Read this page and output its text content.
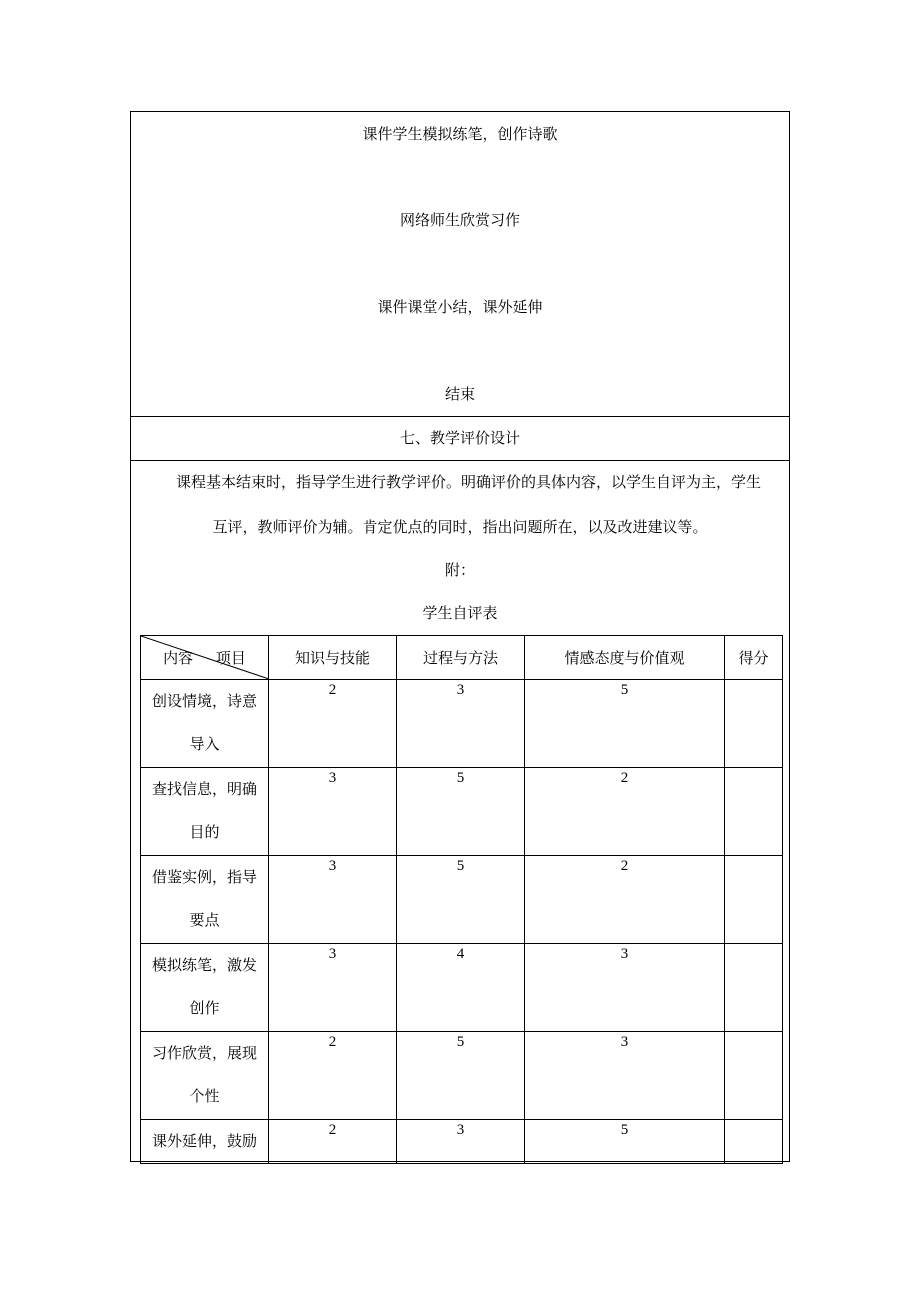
课件学生模拟练笔，创作诗歌
网络师生欣赏习作
课件课堂小结，课外延伸
结束
七、教学评价设计
课程基本结束时，指导学生进行教学评价。明确评价的具体内容，以学生自评为主，学生
互评，教师评价为辅。肯定优点的同时，指出问题所在，以及改进建议等。
附：
学生自评表
内容 项目	知识与技能	过程与方法	情感态度与价值观	得分

创设情境，诗意
导入	2	3	5	

查找信息，明确
目的	3	5	2	

借鉴实例，指导
要点	3	5	2	

模拟练笔，激发
创作	3	4	3	

习作欣赏，展现
个性	2	5	3	

课外延伸，鼓励	2	3	5	
